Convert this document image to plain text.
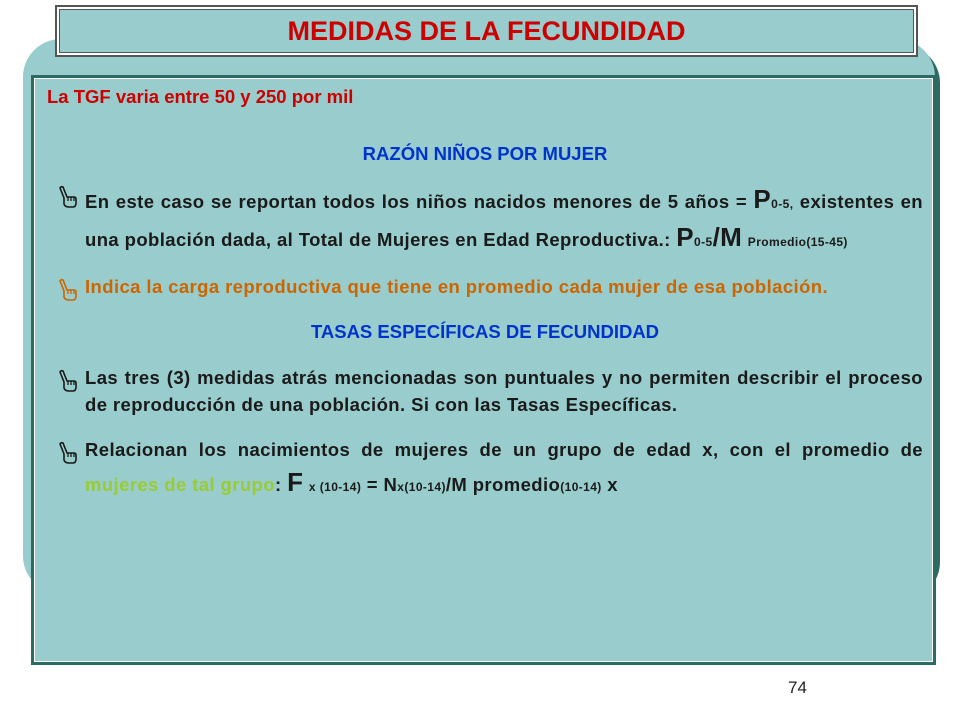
MEDIDAS DE LA FECUNDIDAD

La TGF varia entre 50 y 250 por mil

RAZÓN NIÑOS POR MUJER

En este caso se reportan todos los niños nacidos menores de 5 años = P0-5, existentes en una población dada, al Total de Mujeres en Edad Reproductiva.: P0-5/M Promedio(15-45)
Indica la carga reproductiva que tiene en promedio cada mujer de esa población.

TASAS ESPECÍFICAS DE FECUNDIDAD

Las tres (3) medidas atrás mencionadas son puntuales y no permiten describir el proceso de reproducción de una población. Si con las Tasas Específicas.
Relacionan los nacimientos de mujeres de un grupo de edad x, con el promedio de mujeres de tal grupo: F x (10-14) = Nx(10-14)/M promedio(10-14) x
74
